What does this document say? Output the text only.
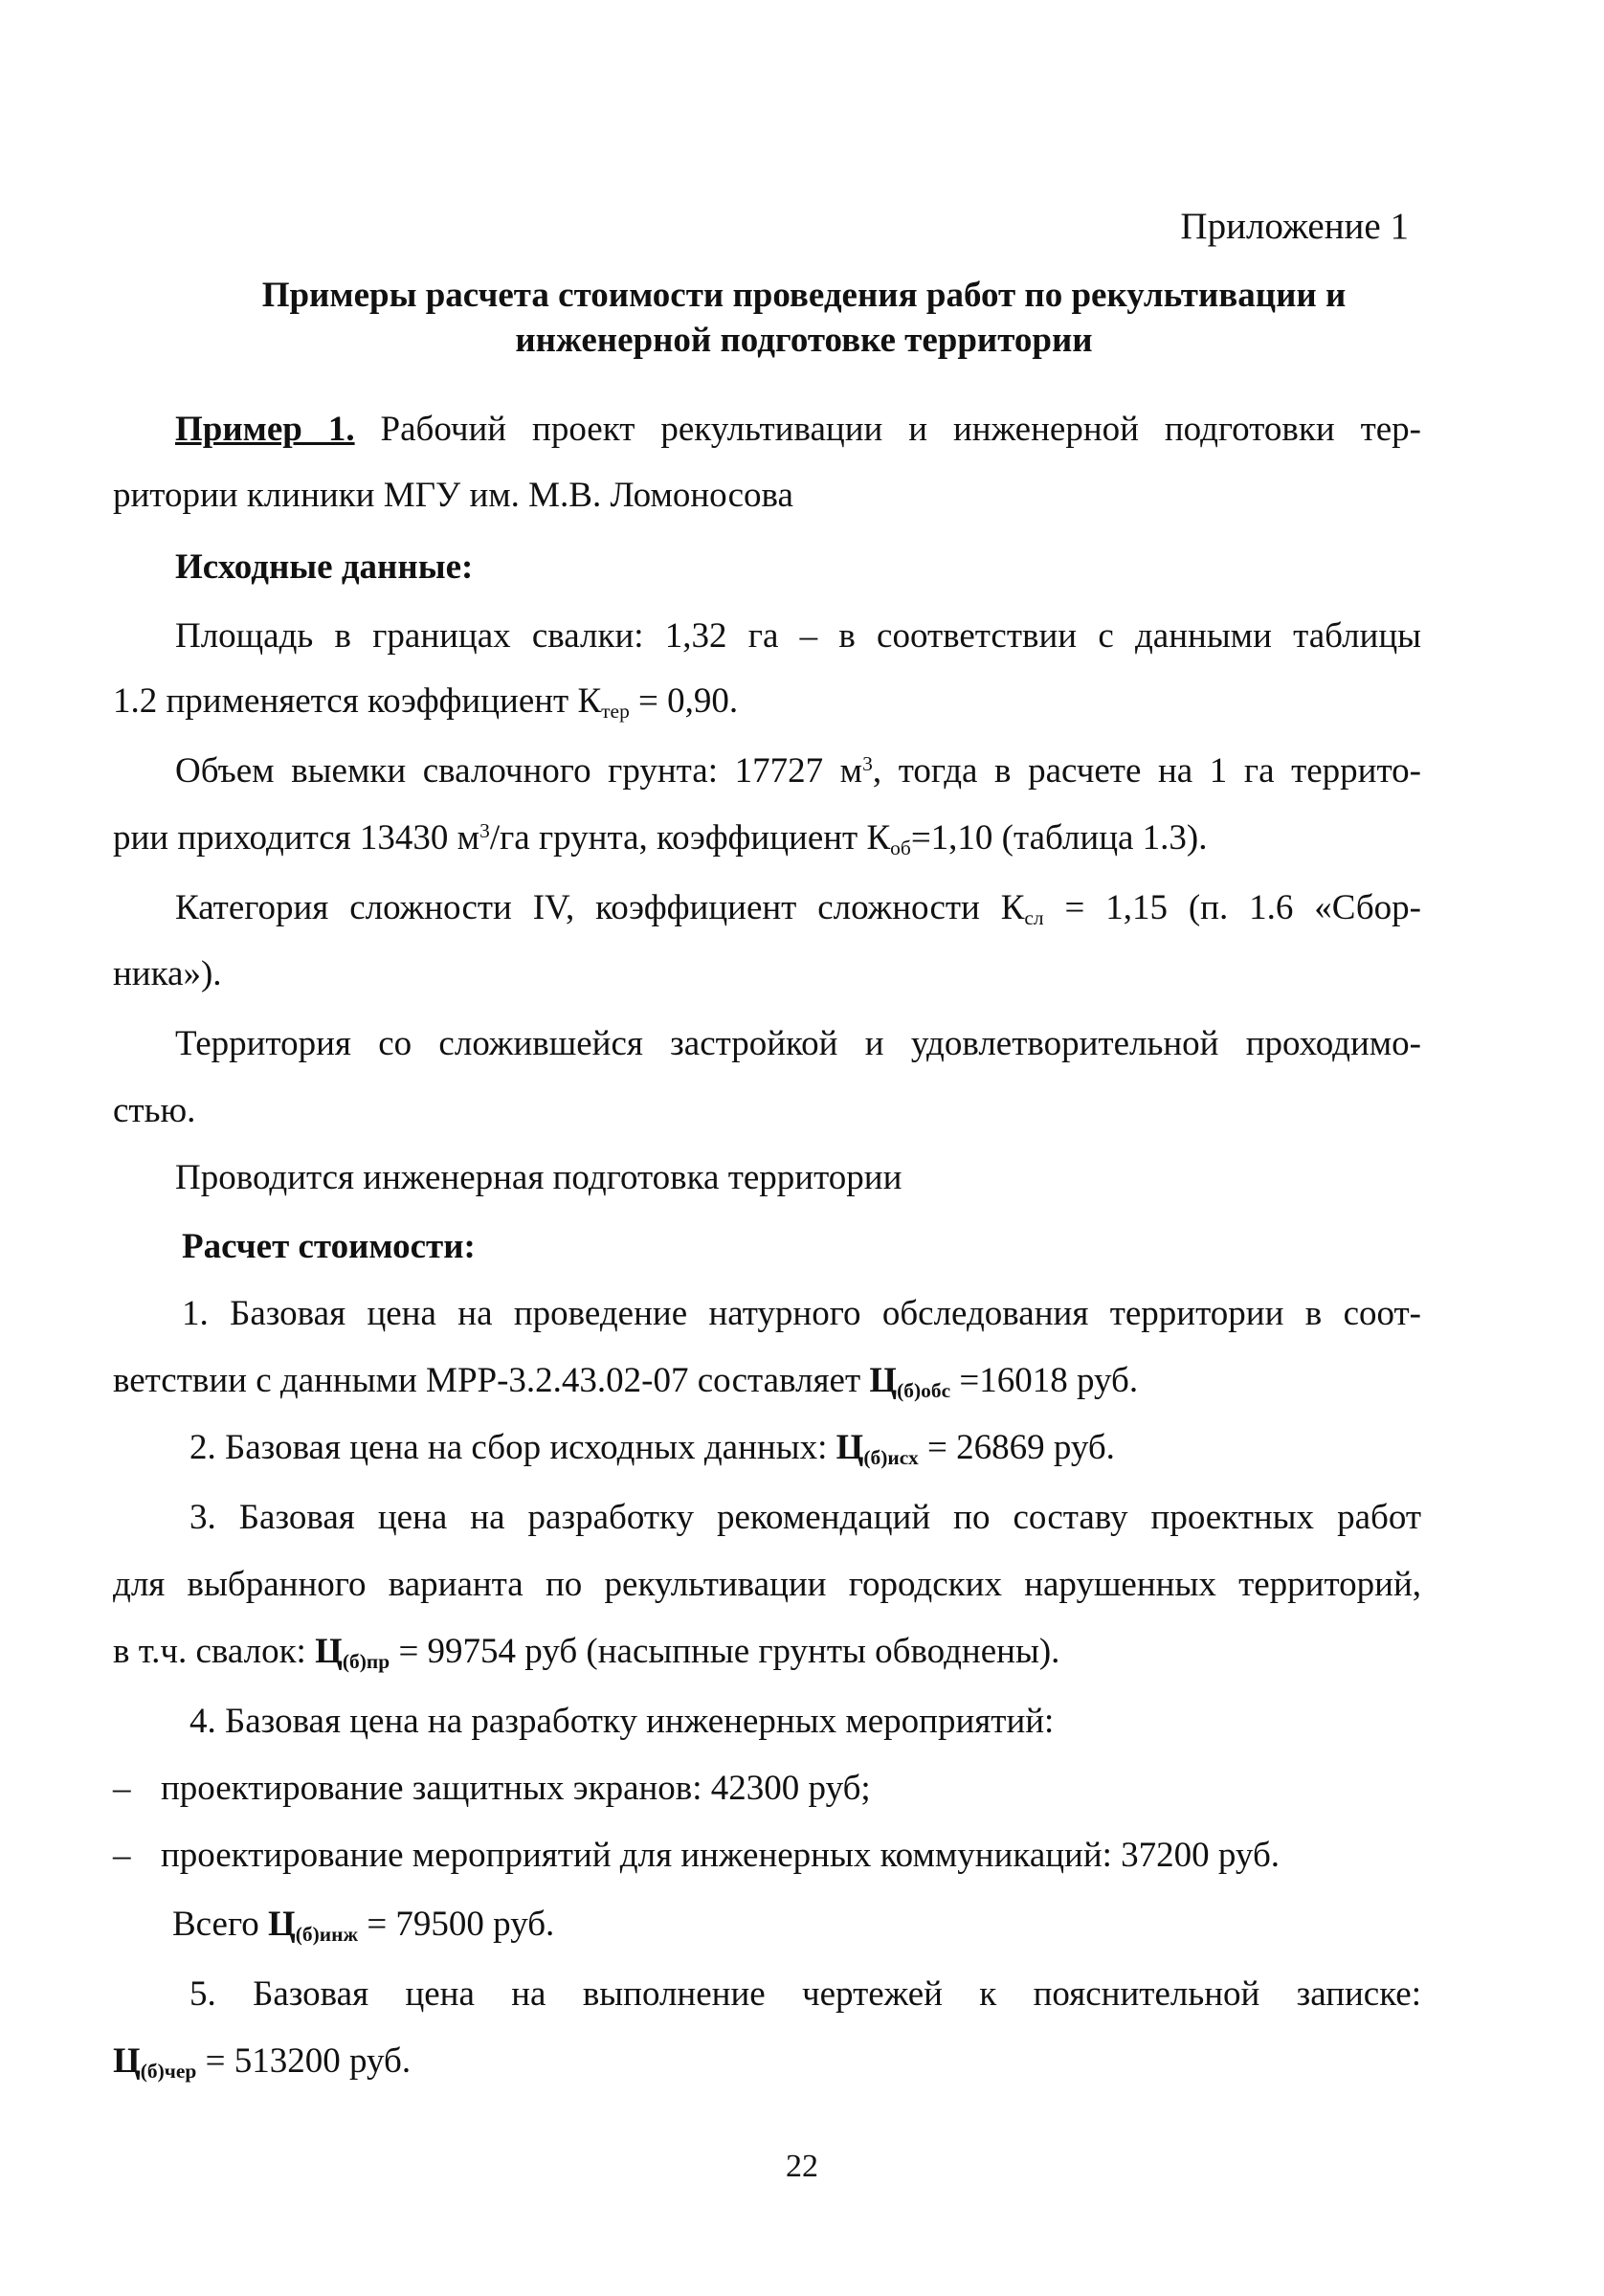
Приложение 1

Примеры расчета стоимости проведения работ по рекультивации и

инженерной подготовке территории

Пример 1. Рабочий проект рекультивации и инженерной подготовки тер-

ритории клиники МГУ им. М.В. Ломоносова

Исходные данные:

Площадь в границах свалки: 1,32 га – в соответствии с данными таблицы

1.2 применяется коэффициент $К_{тер} = 0,90$.

Объем выемки свалочного грунта: 17727 $м^3$, тогда в расчете на 1 га террито-

рии приходится 13430 $м^3/га$ грунта, коэффициент $К_{об}=1,10$ (таблица 1.3).

Категория сложности IV, коэффициент сложности $К_{сл} = 1,15$ (п. 1.6 «Сбор-

ника»).

Территория со сложившейся застройкой и удовлетворительной проходимо-

стью.

Проводится инженерная подготовка территории

Расчет стоимости:

1. Базовая цена на проведение натурного обследования территории в соот-

ветствии с данными МРР-3.2.43.02-07 составляет Ц(б)обс =16018 руб.

2. Базовая цена на сбор исходных данных: Ц(б)исх = 26869 руб.

3. Базовая цена на разработку рекомендаций по составу проектных работ

для выбранного варианта по рекультивации городских нарушенных территорий,

в т.ч. свалок: Ц(б)пр = 99754 руб (насыпные грунты обводнены).

4. Базовая цена на разработку инженерных мероприятий:

– проектирование защитных экранов: 42300 руб;

– проектирование мероприятий для инженерных коммуникаций: 37200 руб.

Всего Ц(б)инж = 79500 руб.

5. Базовая цена на выполнение чертежей к пояснительной записке:

Ц(б)чер = 513200 руб.

22
